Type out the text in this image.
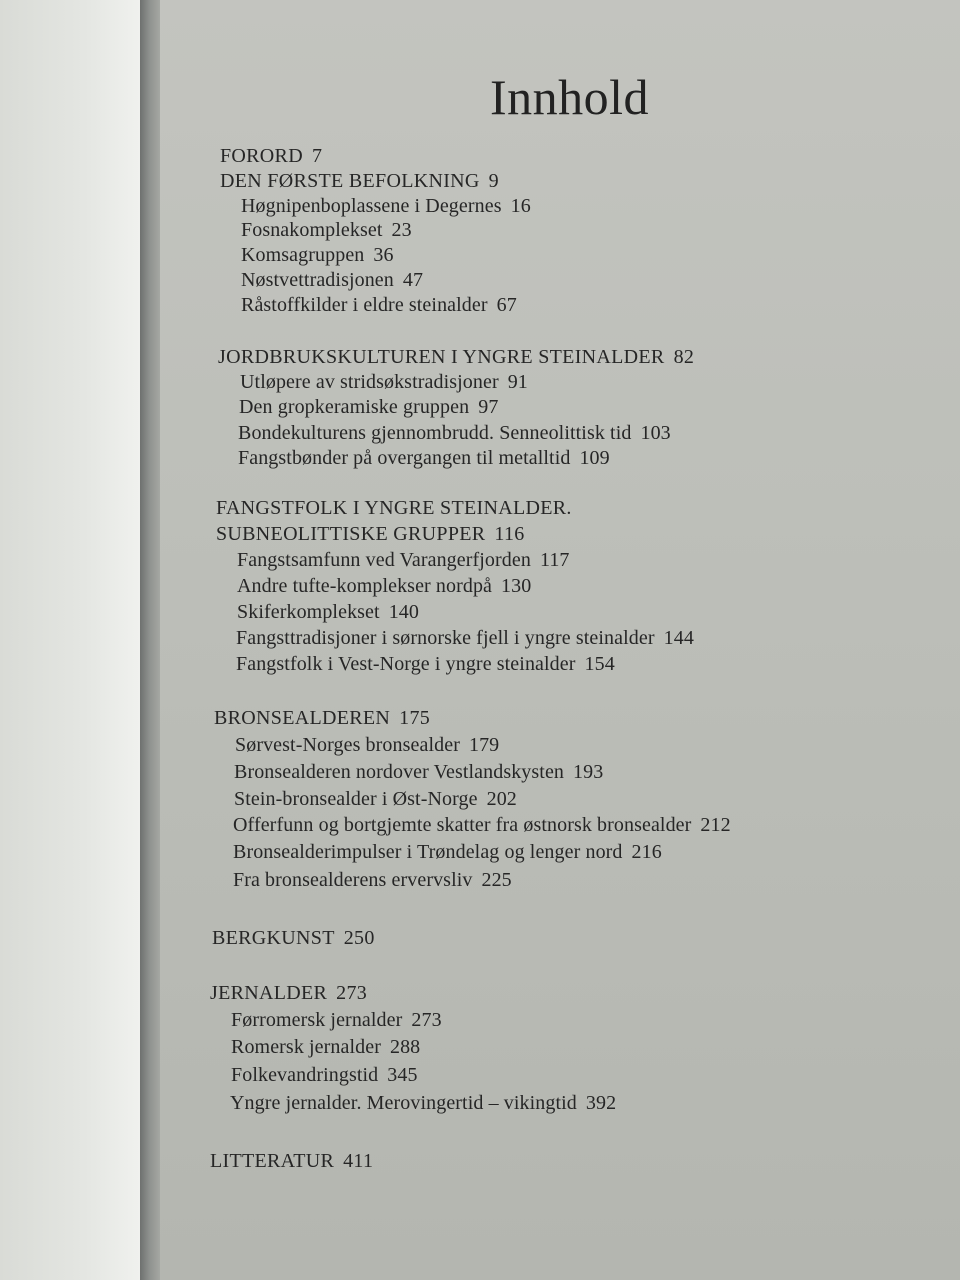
Innhold
FORORD 7
DEN FØRSTE BEFOLKNING 9
Høgnipenboplassene i Degernes 16
Fosnakomplekset 23
Komsagruppen 36
Nøstvettradisjonen 47
Råstoffkilder i eldre steinalder 67
JORDBRUKSKULTUREN I YNGRE STEINALDER 82
Utløpere av stridsøkstradisjoner 91
Den gropkeramiske gruppen 97
Bondekulturens gjennombrudd. Senneolittisk tid 103
Fangstbønder på overgangen til metalltid 109
FANGSTFOLK I YNGRE STEINALDER.
SUBNEOLITTISKE GRUPPER 116
Fangstsamfunn ved Varangerfjorden 117
Andre tufte-komplekser nordpå 130
Skiferkomplekset 140
Fangsttradisjoner i sørnorske fjell i yngre steinalder 144
Fangstfolk i Vest-Norge i yngre steinalder 154
BRONSEALDEREN 175
Sørvest-Norges bronsealder 179
Bronsealderen nordover Vestlandskysten 193
Stein-bronsealder i Øst-Norge 202
Offerfunn og bortgjemte skatter fra østnorsk bronsealder 212
Bronsealderimpulser i Trøndelag og lenger nord 216
Fra bronsealderens ervervsliv 225
BERGKUNST 250
JERNALDER 273
Førromersk jernalder 273
Romersk jernalder 288
Folkevandringstid 345
Yngre jernalder. Merovingertid – vikingtid 392
LITTERATUR 411
